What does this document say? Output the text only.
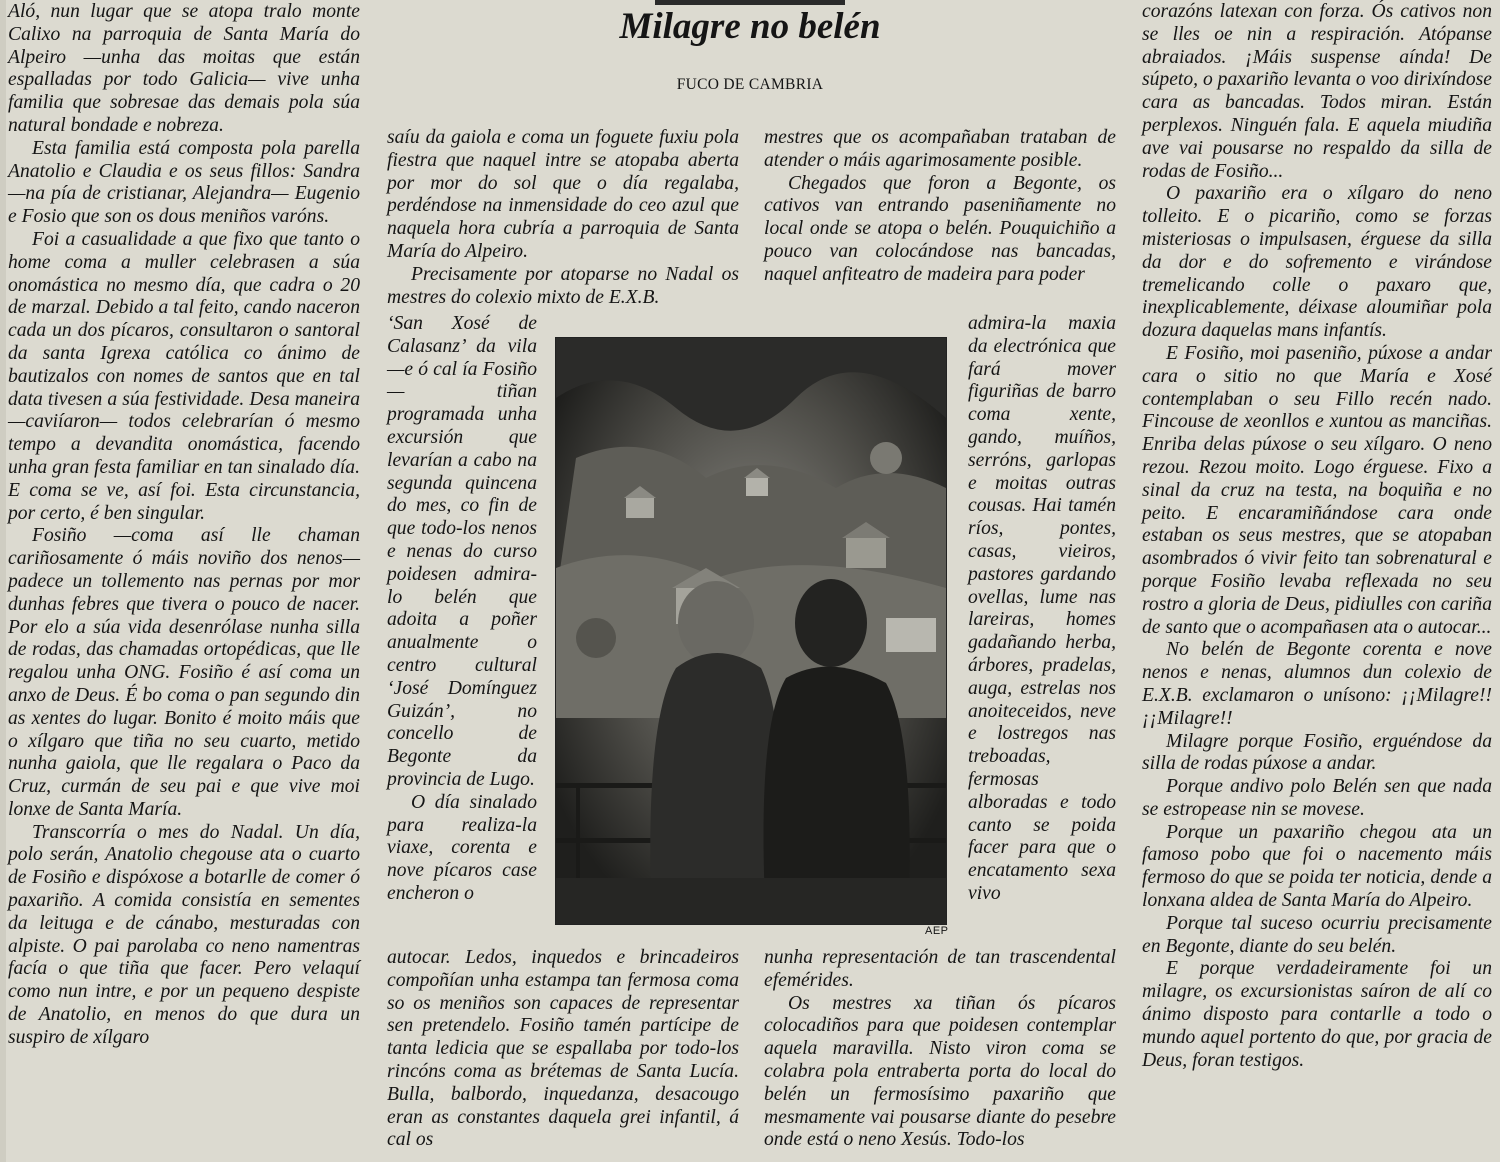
Milagre no belén
FUCO DE CAMBRIA

Aló, nun lugar que se atopa tralo monte Calixo na parroquia de Santa María do Alpeiro —unha das moitas que están espalladas por todo Galicia— vive unha familia que sobresae das demais pola súa natural bondade e nobreza.

Esta familia está composta pola parella Anatolio e Claudia e os seus fillos: Sandra —na pía de cristianar, Alejandra— Eugenio e Fosio que son os dous meniños varóns.

Foi a casualidade a que fixo que tanto o home coma a muller celebrasen a súa onomástica no mesmo día, que cadra o 20 de marzal. Debido a tal feito, cando naceron cada un dos pícaros, consultaron o santoral da santa Igrexa católica co ánimo de bautizalos con nomes de santos que en tal data tivesen a súa festividade. Desa maneira —caviíaron— todos celebrarían ó mesmo tempo a devandita onomástica, facendo unha gran festa familiar en tan sinalado día. E coma se ve, así foi. Esta circunstancia, por certo, é ben singular.

Fosiño —coma así lle chaman cariñosamente ó máis noviño dos nenos— padece un tollemento nas pernas por mor dunhas febres que tivera o pouco de nacer. Por elo a súa vida desenrólase nunha silla de rodas, das chamadas ortopédicas, que lle regalou unha ONG. Fosiño é así coma un anxo de Deus. É bo coma o pan segundo din as xentes do lugar. Bonito é moito máis que o xílgaro que tiña no seu cuarto, metido nunha gaiola, que lle regalara o Paco da Cruz, curmán de seu pai e que vive moi lonxe de Santa María.

Transcorría o mes do Nadal. Un día, polo serán, Anatolio chegouse ata o cuarto de Fosiño e dispóxose a botarlle de comer ó paxariño. A comida consistía en sementes da leituga e de cánabo, mesturadas con alpiste. O pai parolaba co neno namentras facía o que tiña que facer. Pero velaquí como nun intre, e por un pequeno despiste de Anatolio, en menos do que dura un suspiro de xílgaro

saíu da gaiola e coma un foguete fuxiu pola fiestra que naquel intre se atopaba aberta por mor do sol que o día regalaba, perdéndose na inmensidade do ceo azul que naquela hora cubría a parroquia de Santa María do Alpeiro.

Precisamente por atoparse no Nadal os mestres do colexio mixto de E.X.B.

‘San Xosé de Calasanz’ da vila —e ó cal ía Fosiño— tiñan programada unha excursión que levarían a cabo na segunda quincena do mes, co fin de que todo-los nenos e nenas do curso poidesen admira-lo belén que adoita a poñer anualmente o centro cultural ‘José Domínguez Guizán’, no concello de Begonte da provincia de Lugo.

O día sinalado para realiza-la viaxe, corenta e nove pícaros case encheron o

autocar. Ledos, inquedos e brincadeiros compoñían unha estampa tan fermosa coma so os meniños son capaces de representar sen pretendelo. Fosiño tamén partícipe de tanta ledicia que se espallaba por todo-los rincóns coma as brétemas de Santa Lucía. Bulla, balbordo, inquedanza, desacougo eran as constantes daquela grei infantil, á cal os

mestres que os acompañaban trataban de atender o máis agarimosamente posible.

Chegados que foron a Begonte, os cativos van entrando paseniñamente no local onde se atopa o belén. Pouquichiño a pouco van colocándose nas bancadas, naquel anfiteatro de madeira para poder

admira-la maxia da electrónica que fará mover figuriñas de barro coma xente, gando, muíños, serróns, garlopas e moitas outras cousas. Hai tamén ríos, pontes, casas, vieiros, pastores gardando ovellas, lume nas lareiras, homes gadañando herba, árbores, pradelas, auga, estrelas nos anoiteceidos, neve e lostregos nas treboadas, fermosas alboradas e todo canto se poida facer para que o encatamento sexa vivo

nunha representación de tan trascendental efemérides.

Os mestres xa tiñan ós pícaros colocadiños para que poidesen contemplar aquela maravilla. Nisto viron coma se colabra pola entraberta porta do local do belén un fermosísimo paxariño que mesmamente vai pousarse diante do pesebre onde está o neno Xesús. Todo-los

corazóns latexan con forza. Ós cativos non se lles oe nin a respiración. Atópanse abraiados. ¡Máis suspense aínda! De súpeto, o paxariño levanta o voo dirixíndose cara as bancadas. Todos miran. Están perplexos. Ninguén fala. E aquela miudiña ave vai pousarse no respaldo da silla de rodas de Fosiño...

O paxariño era o xílgaro do neno tolleito. E o picariño, como se forzas misteriosas o impulsasen, érguese da silla da dor e do sofremento e virándose tremelicando colle o paxaro que, inexplicablemente, déixase aloumiñar pola dozura daquelas mans infantís.

E Fosiño, moi paseniño, púxose a andar cara o sitio no que María e Xosé contemplaban o seu Fillo recén nado. Fincouse de xeonllos e xuntou as manciñas. Enriba delas púxose o seu xílgaro. O neno rezou. Rezou moito. Logo érguese. Fixo a sinal da cruz na testa, na boquiña e no peito. E encaramiñándose cara onde estaban os seus mestres, que se atopaban asombrados ó vivir feito tan sobrenatural e porque Fosiño levaba reflexada no seu rostro a gloria de Deus, pidiulles con cariña de santo que o acompañasen ata o autocar...

No belén de Begonte corenta e nove nenos e nenas, alumnos dun colexio de E.X.B. exclamaron o unísono: ¡¡Milagre!! ¡¡Milagre!!

Milagre porque Fosiño, erguéndose da silla de rodas púxose a andar.

Porque andivo polo Belén sen que nada se estropease nin se movese.

Porque un paxariño chegou ata un famoso pobo que foi o nacemento máis fermoso do que se poida ter noticia, dende a lonxana aldea de Santa María do Alpeiro.

Porque tal suceso ocurriu precisamente en Begonte, diante do seu belén.

E porque verdadeiramente foi un milagre, os excursionistas saíron de alí co ánimo disposto para contarlle a todo o mundo aquel portento do que, por gracia de Deus, foran testigos.

AEP
